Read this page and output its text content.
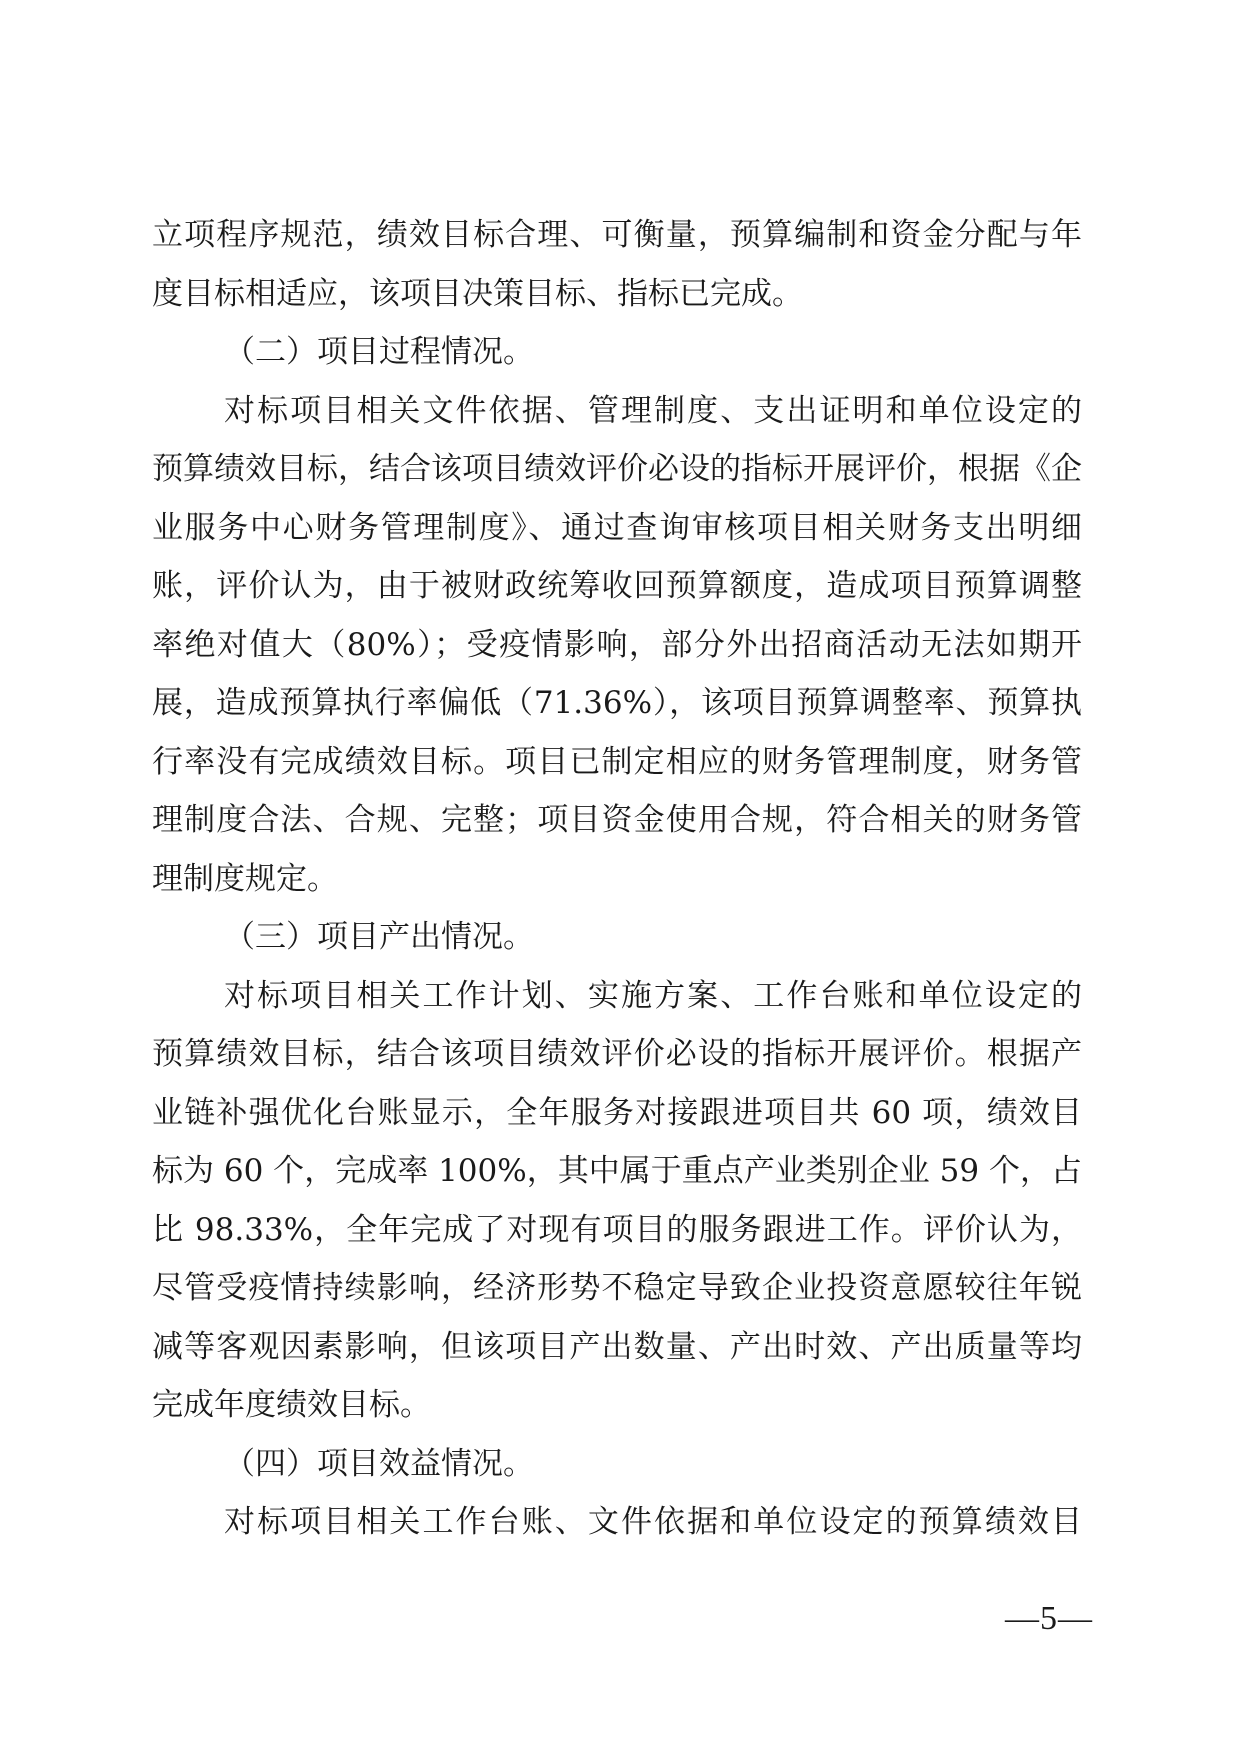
立项程序规范，绩效目标合理、可衡量，预算编制和资金分配与年
度目标相适应，该项目决策目标、指标已完成。
（二）项目过程情况。
对标项目相关文件依据、管理制度、支出证明和单位设定的
预算绩效目标，结合该项目绩效评价必设的指标开展评价，根据《企
业服务中心财务管理制度》、通过查询审核项目相关财务支出明细
账，评价认为，由于被财政统筹收回预算额度，造成项目预算调整
率绝对值大（80%）；受疫情影响，部分外出招商活动无法如期开
展，造成预算执行率偏低（71.36%），该项目预算调整率、预算执
行率没有完成绩效目标。项目已制定相应的财务管理制度，财务管
理制度合法、合规、完整；项目资金使用合规，符合相关的财务管
理制度规定。
（三）项目产出情况。
对标项目相关工作计划、实施方案、工作台账和单位设定的
预算绩效目标，结合该项目绩效评价必设的指标开展评价。根据产
业链补强优化台账显示，全年服务对接跟进项目共 60 项，绩效目
标为 60 个，完成率 100%，其中属于重点产业类别企业 59 个，占
比 98.33%，全年完成了对现有项目的服务跟进工作。评价认为，
尽管受疫情持续影响，经济形势不稳定导致企业投资意愿较往年锐
减等客观因素影响，但该项目产出数量、产出时效、产出质量等均
完成年度绩效目标。
（四）项目效益情况。
对标项目相关工作台账、文件依据和单位设定的预算绩效目
—5—
